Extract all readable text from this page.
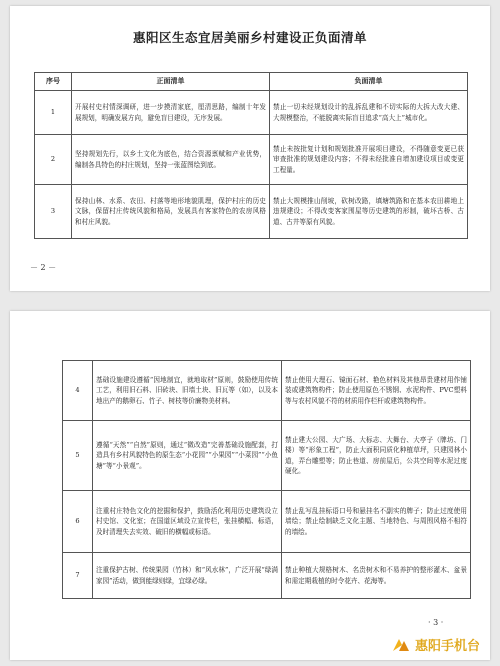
惠阳区生态宜居美丽乡村建设正负面清单
序号	正面清单	负面清单
1	开展村史村情深调研，进一步摸清家底，厘清思路，编制十年发展规划，明确发展方向，避免盲目建设，无序发展。	禁止一切未经规划设计的乱拆乱建和不切实际的大拆大改大建、大规模整治，不能脱离实际盲目追求“高大上”城市化。
2	坚持规划先行，以乡土文化为底色，结合资源禀赋和产业优势，编制各具特色的村庄规划，坚持一张蓝图绘到底。	禁止未按批复计划和规划批准开展项目建设，不得随意变更已获审查批准的规划建设内容；不得未经批准自增加建设项目或变更工程量。
3	保持山林、水系、农田、村落等地形地貌肌理，保护村庄的历史文脉，保留村庄传统风貌和格局，发展具有客家特色的农房风格和村庄风貌。	禁止大规模推山削坡，砍树改路，填塘筑路和在基本农田耕地上违规建设；不得改变客家围屋等历史建筑的形制，破坏古桥、古道、古井等原有风貌。
－ 2 －
4	基础设施建设遵循“因地制宜，就地取材”原则，鼓励使用传统工艺，利用旧石料、旧砖块、旧墙土块、旧瓦等（如），以及本地出产的鹅卵石、竹子、树枝等价廉物美材料。	禁止使用大理石、镜面石材、艳色材料及其他昂贵建材用作铺装或建筑物构件；防止使用原色不锈钢、水泥构件、PVC塑料等与农村风貌不符的材质用作栏杆或建筑物构件。
5	遵循“天然”“自然”原则，通过“微改造”完善基础设施配套，打造具有乡村风貌特色的原生态“小花园”“小果园”“小菜园”“小鱼塘”等“小景观”。	禁止建大公园、大广场、大标志、大舞台、大亭子（牌坊、门楼）等“形象工程”，防止大面积同质化种植草坪，只建园林小道，弄台雕塑等；防止巷道、房前屋后，公共空间等水泥过度硬化。
6	注重村庄特色文化的挖掘和保护，鼓励活化利用历史建筑设立村史馆、文化室；在国道区域设立宣传栏，张挂横幅、标语，及时清理失去实效、破旧的横幅或标语。	禁止乱写乱挂标语口号和悬挂名不副实的牌子；防止过度使用墙绘；禁止绘制缺乏文化主题、当地特色、与周围风格不相符的墙绘。
7	注重保护古树、传统果园（竹林）和“风水林”，广泛开展“绿满家园”活动，做到能绿则绿，宜绿必绿。	禁止种植大规格树木、名贵树木和不易养护的整形灌木、盆景和需定期栽植的时令花卉、花海等。
· 3 ·
惠阳手机台
